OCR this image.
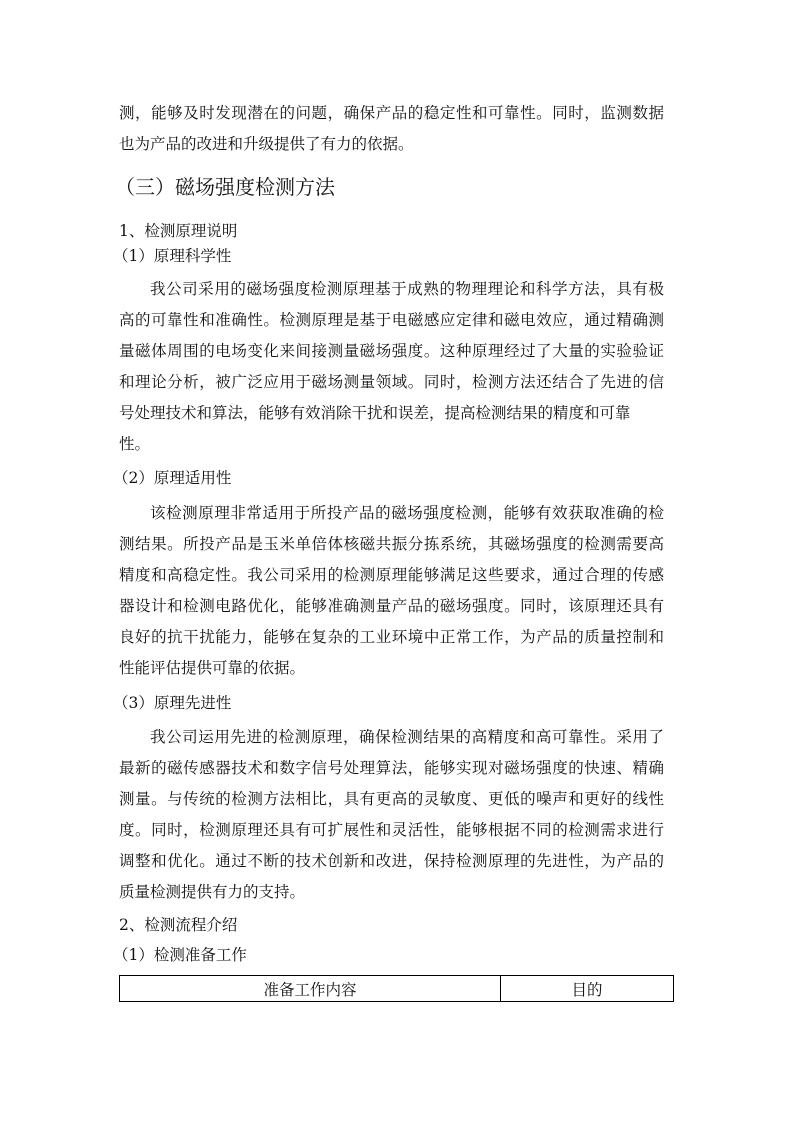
测，能够及时发现潜在的问题，确保产品的稳定性和可靠性。同时，监测数据
也为产品的改进和升级提供了有力的依据。
（三）磁场强度检测方法
1、检测原理说明
（1）原理科学性
我公司采用的磁场强度检测原理基于成熟的物理理论和科学方法，具有极
高的可靠性和准确性。检测原理是基于电磁感应定律和磁电效应，通过精确测
量磁体周围的电场变化来间接测量磁场强度。这种原理经过了大量的实验验证
和理论分析，被广泛应用于磁场测量领域。同时，检测方法还结合了先进的信
号处理技术和算法，能够有效消除干扰和误差，提高检测结果的精度和可靠
性。
（2）原理适用性
该检测原理非常适用于所投产品的磁场强度检测，能够有效获取准确的检
测结果。所投产品是玉米单倍体核磁共振分拣系统，其磁场强度的检测需要高
精度和高稳定性。我公司采用的检测原理能够满足这些要求，通过合理的传感
器设计和检测电路优化，能够准确测量产品的磁场强度。同时，该原理还具有
良好的抗干扰能力，能够在复杂的工业环境中正常工作，为产品的质量控制和
性能评估提供可靠的依据。
（3）原理先进性
我公司运用先进的检测原理，确保检测结果的高精度和高可靠性。采用了
最新的磁传感器技术和数字信号处理算法，能够实现对磁场强度的快速、精确
测量。与传统的检测方法相比，具有更高的灵敏度、更低的噪声和更好的线性
度。同时，检测原理还具有可扩展性和灵活性，能够根据不同的检测需求进行
调整和优化。通过不断的技术创新和改进，保持检测原理的先进性，为产品的
质量检测提供有力的支持。
2、检测流程介绍
（1）检测准备工作
准备工作内容	目的
